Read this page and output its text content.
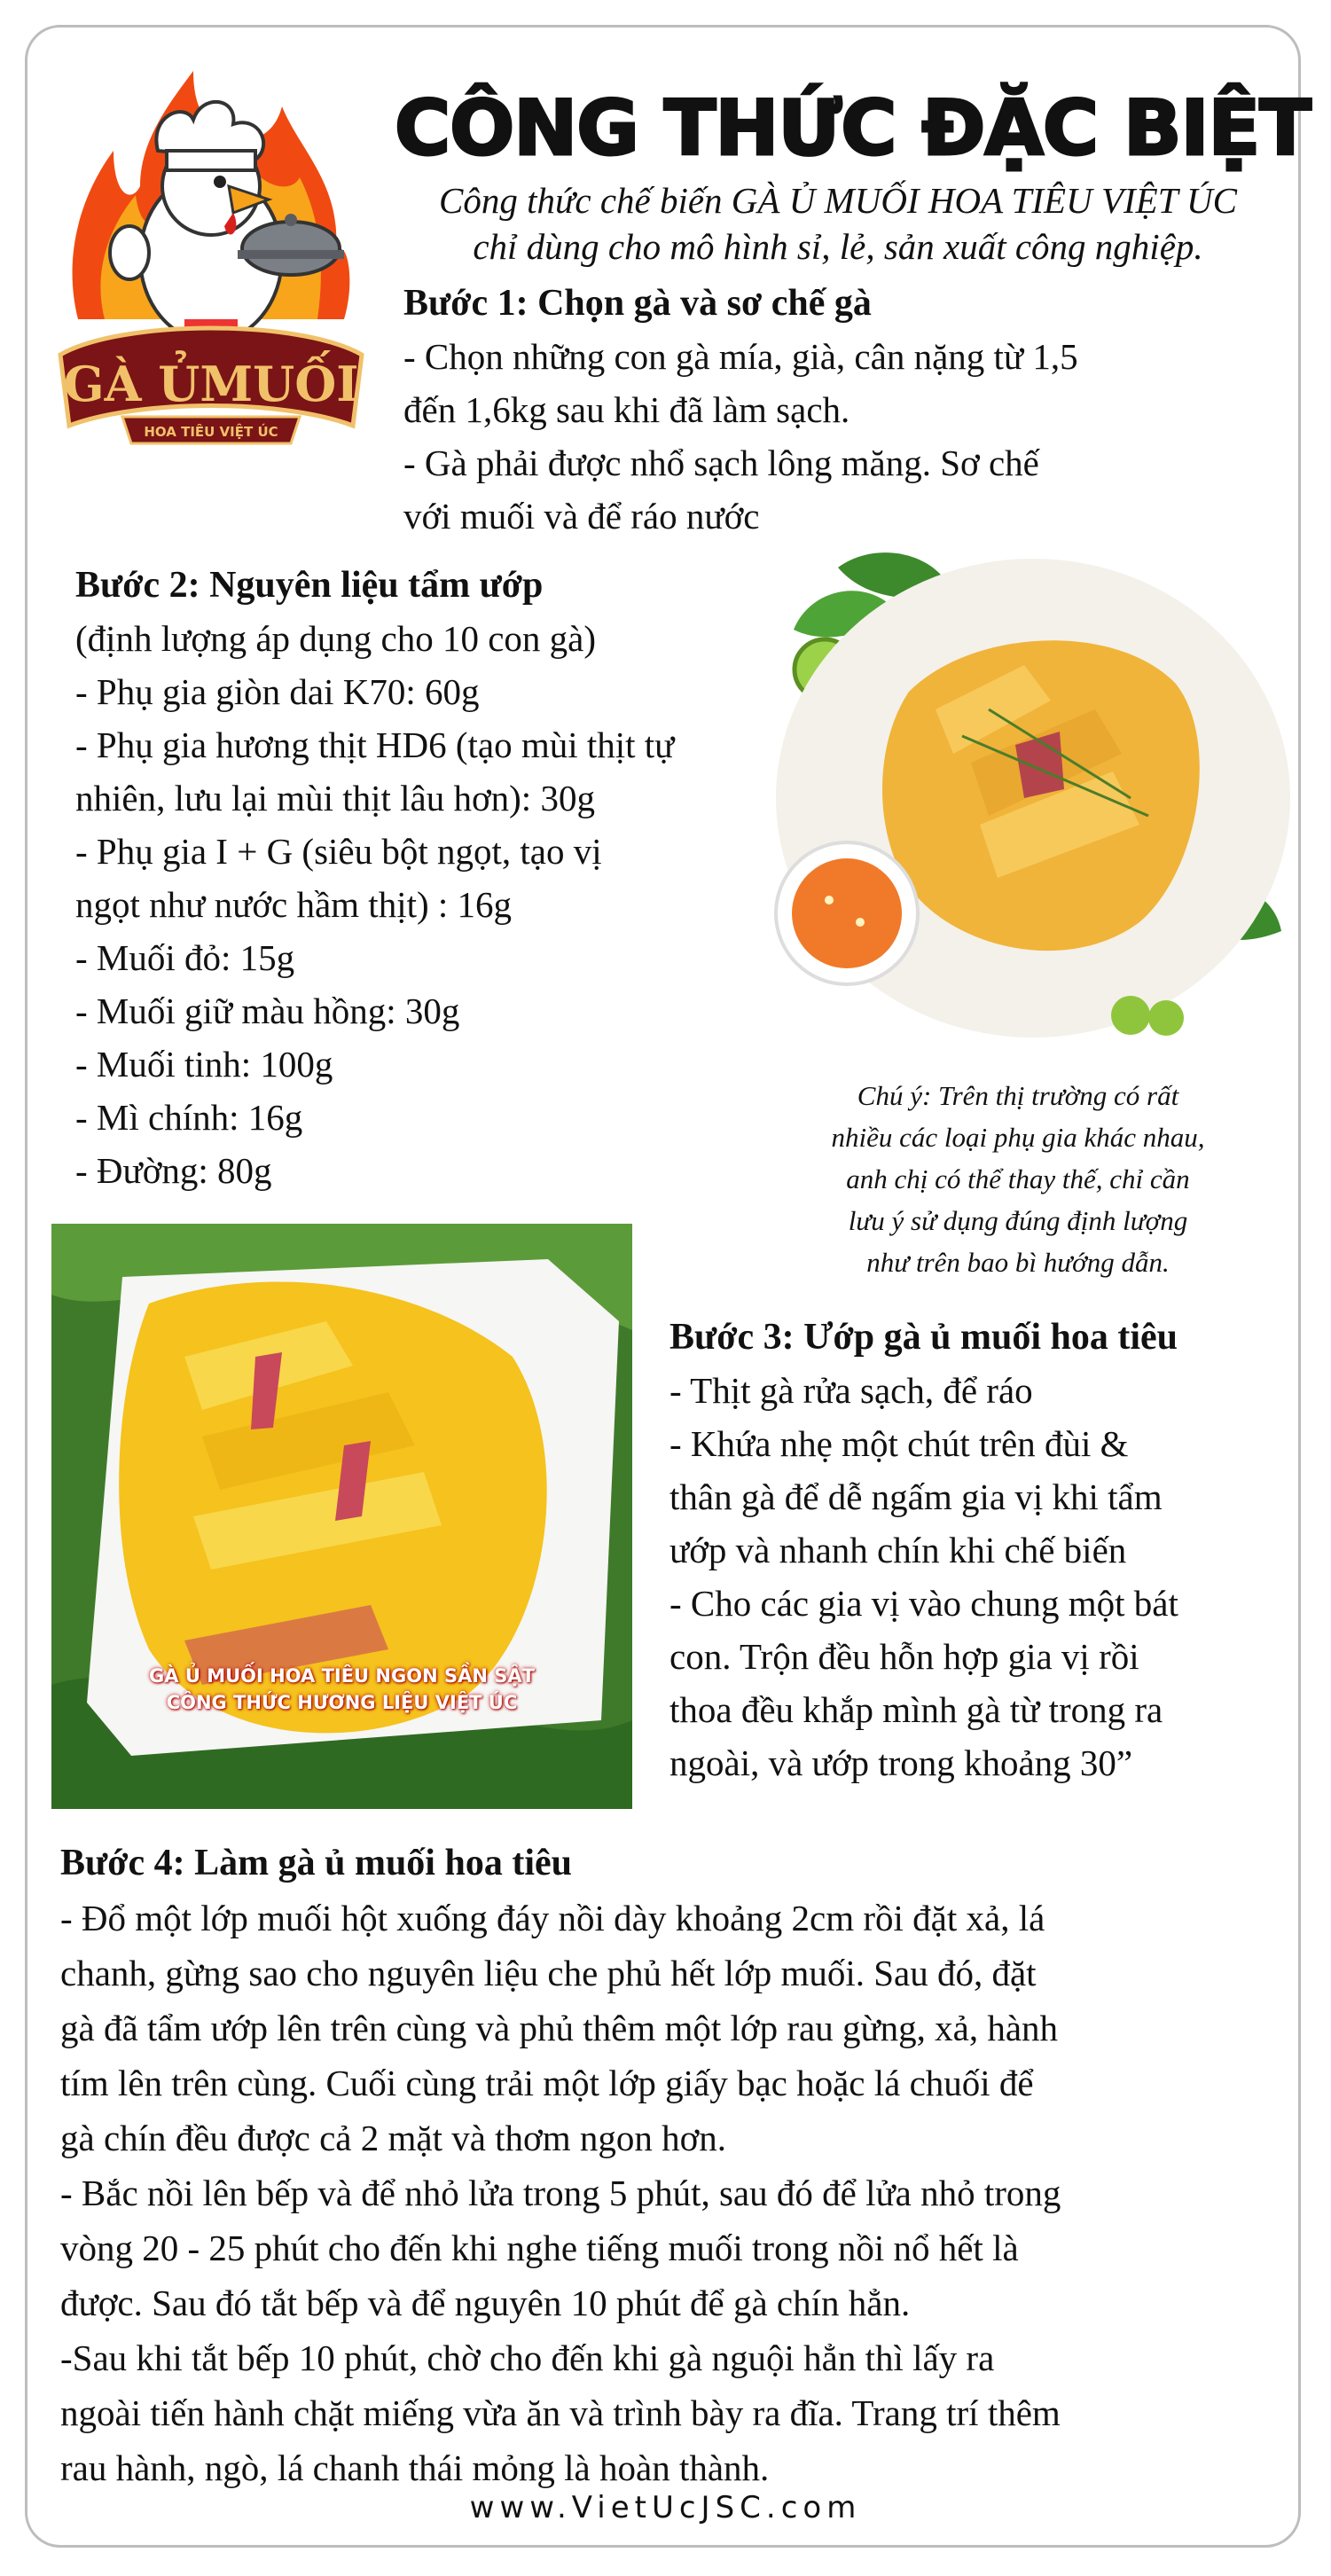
GÀ ỦMUỐI
HOA TIÊU VIỆT ÚC
CÔNG THỨC ĐẶC BIỆT
Công thức chế biến GÀ Ủ MUỐI HOA TIÊU VIỆT ÚC
chỉ dùng cho mô hình sỉ, lẻ, sản xuất công nghiệp.
Bước 1: Chọn gà và sơ chế gà
- Chọn những con gà mía, già, cân nặng từ 1,5
đến 1,6kg sau khi đã làm sạch.
- Gà phải được nhổ sạch lông măng. Sơ chế
với muối và để ráo nước
Bước 2: Nguyên liệu tẩm ướp
(định lượng áp dụng cho 10 con gà)
- Phụ gia giòn dai K70: 60g
- Phụ gia hương thịt HD6 (tạo mùi thịt tự
nhiên, lưu lại mùi thịt lâu hơn): 30g
- Phụ gia I + G (siêu bột ngọt, tạo vị
ngọt như nước hầm thịt) : 16g
- Muối đỏ: 15g
- Muối giữ màu hồng: 30g
- Muối tinh: 100g
- Mì chính: 16g
- Đường: 80g
Chú ý: Trên thị trường có rất
nhiều các loại phụ gia khác nhau,
anh chị có thể thay thế, chỉ cần
lưu ý sử dụng đúng định lượng
như trên bao bì hướng dẫn.
GÀ Ủ MUỐI HOA TIÊU NGON SẦN SẬT
CÔNG THỨC HƯƠNG LIỆU VIỆT ÚC
Bước 3: Ướp gà ủ muối hoa tiêu
- Thịt gà rửa sạch, để ráo
- Khứa nhẹ một chút trên đùi &
thân gà để dễ ngấm gia vị khi tẩm
ướp và nhanh chín khi chế biến
- Cho các gia vị vào chung một bát
con. Trộn đều hỗn hợp gia vị rồi
thoa đều khắp mình gà từ trong ra
ngoài, và ướp trong khoảng 30”
Bước 4: Làm gà ủ muối hoa tiêu
- Đổ một lớp muối hột xuống đáy nồi dày khoảng 2cm rồi đặt xả, lá
chanh, gừng sao cho nguyên liệu che phủ hết lớp muối. Sau đó, đặt
gà đã tẩm ướp lên trên cùng và phủ thêm một lớp rau gừng, xả, hành
tím lên trên cùng. Cuối cùng trải một lớp giấy bạc hoặc lá chuối để
gà chín đều được cả 2 mặt và thơm ngon hơn.
- Bắc nồi lên bếp và để nhỏ lửa trong 5 phút, sau đó để lửa nhỏ trong
vòng 20 - 25 phút cho đến khi nghe tiếng muối trong nồi nổ hết là
được. Sau đó tắt bếp và để nguyên 10 phút để gà chín hẳn.
-Sau khi tắt bếp 10 phút, chờ cho đến khi gà nguội hẳn thì lấy ra
ngoài tiến hành chặt miếng vừa ăn và trình bày ra đĩa. Trang trí thêm
rau hành, ngò, lá chanh thái mỏng là hoàn thành.
www.VietUcJSC.com
